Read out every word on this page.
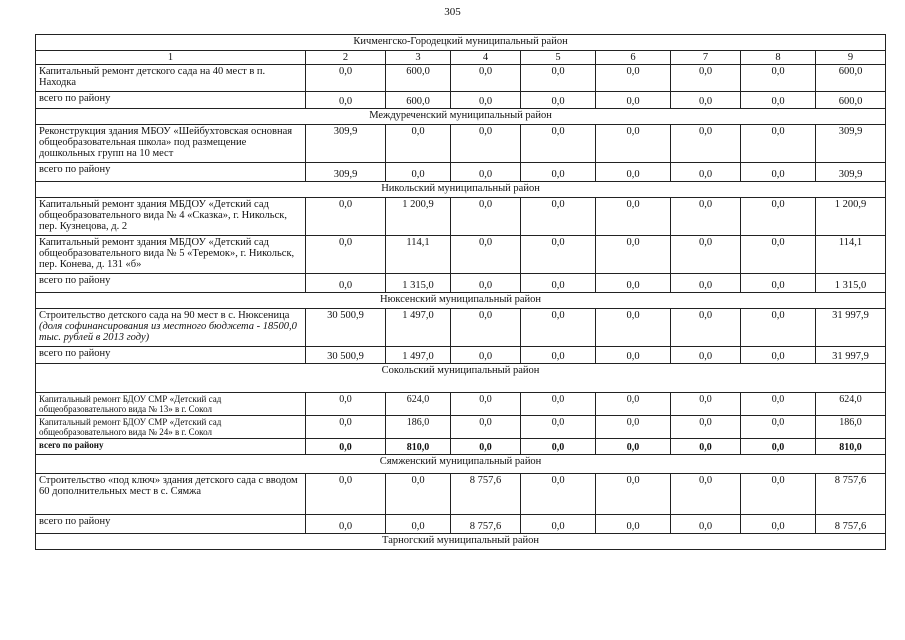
305
Кичменгско-Городецкий муниципальный район								
1	2	3	4	5	6	7	8	9
Капитальный ремонт детского сада на 40 мест в п. Находка	0,0	600,0	0,0	0,0	0,0	0,0	0,0	600,0
всего по району	0,0	600,0	0,0	0,0	0,0	0,0	0,0	600,0
Междуреченский муниципальный район								
Реконструкция здания МБОУ «Шейбухтовская основная общеобразовательная школа» под размещение дошкольных групп на 10 мест	309,9	0,0	0,0	0,0	0,0	0,0	0,0	309,9
всего по району	309,9	0,0	0,0	0,0	0,0	0,0	0,0	309,9
Никольский муниципальный район								
Капитальный ремонт здания МБДОУ «Детский сад общеобразовательного вида № 4 «Сказка», г. Никольск, пер. Кузнецова, д. 2	0,0	1 200,9	0,0	0,0	0,0	0,0	0,0	1 200,9
Капитальный ремонт здания МБДОУ «Детский сад общеобразовательного вида № 5 «Теремок», г. Никольск, пер. Конева, д. 131 «б»	0,0	114,1	0,0	0,0	0,0	0,0	0,0	114,1
всего по району	0,0	1 315,0	0,0	0,0	0,0	0,0	0,0	1 315,0
Нюксенский муниципальный район								
Строительство детского сада на 90 мест в с. Нюксеница (доля софинансирования из местного бюджета - 18500,0 тыс. рублей в 2013 году)	30 500,9	1 497,0	0,0	0,0	0,0	0,0	0,0	31 997,9
всего по району	30 500,9	1 497,0	0,0	0,0	0,0	0,0	0,0	31 997,9
Сокольский муниципальный район								
Капитальный ремонт БДОУ СМР «Детский сад общеобразовательного вида № 13» в г. Сокол	0,0	624,0	0,0	0,0	0,0	0,0	0,0	624,0
Капитальный ремонт БДОУ СМР «Детский сад общеобразовательного вида № 24» в г. Сокол	0,0	186,0	0,0	0,0	0,0	0,0	0,0	186,0
всего по району	0,0	810,0	0,0	0,0	0,0	0,0	0,0	810,0
Сямженский муниципальный район								
Строительство «под ключ» здания детского сада с вводом 60 дополнительных мест в с. Сямжа	0,0	0,0	8 757,6	0,0	0,0	0,0	0,0	8 757,6
всего по району	0,0	0,0	8 757,6	0,0	0,0	0,0	0,0	8 757,6
Тарногский муниципальный район								
